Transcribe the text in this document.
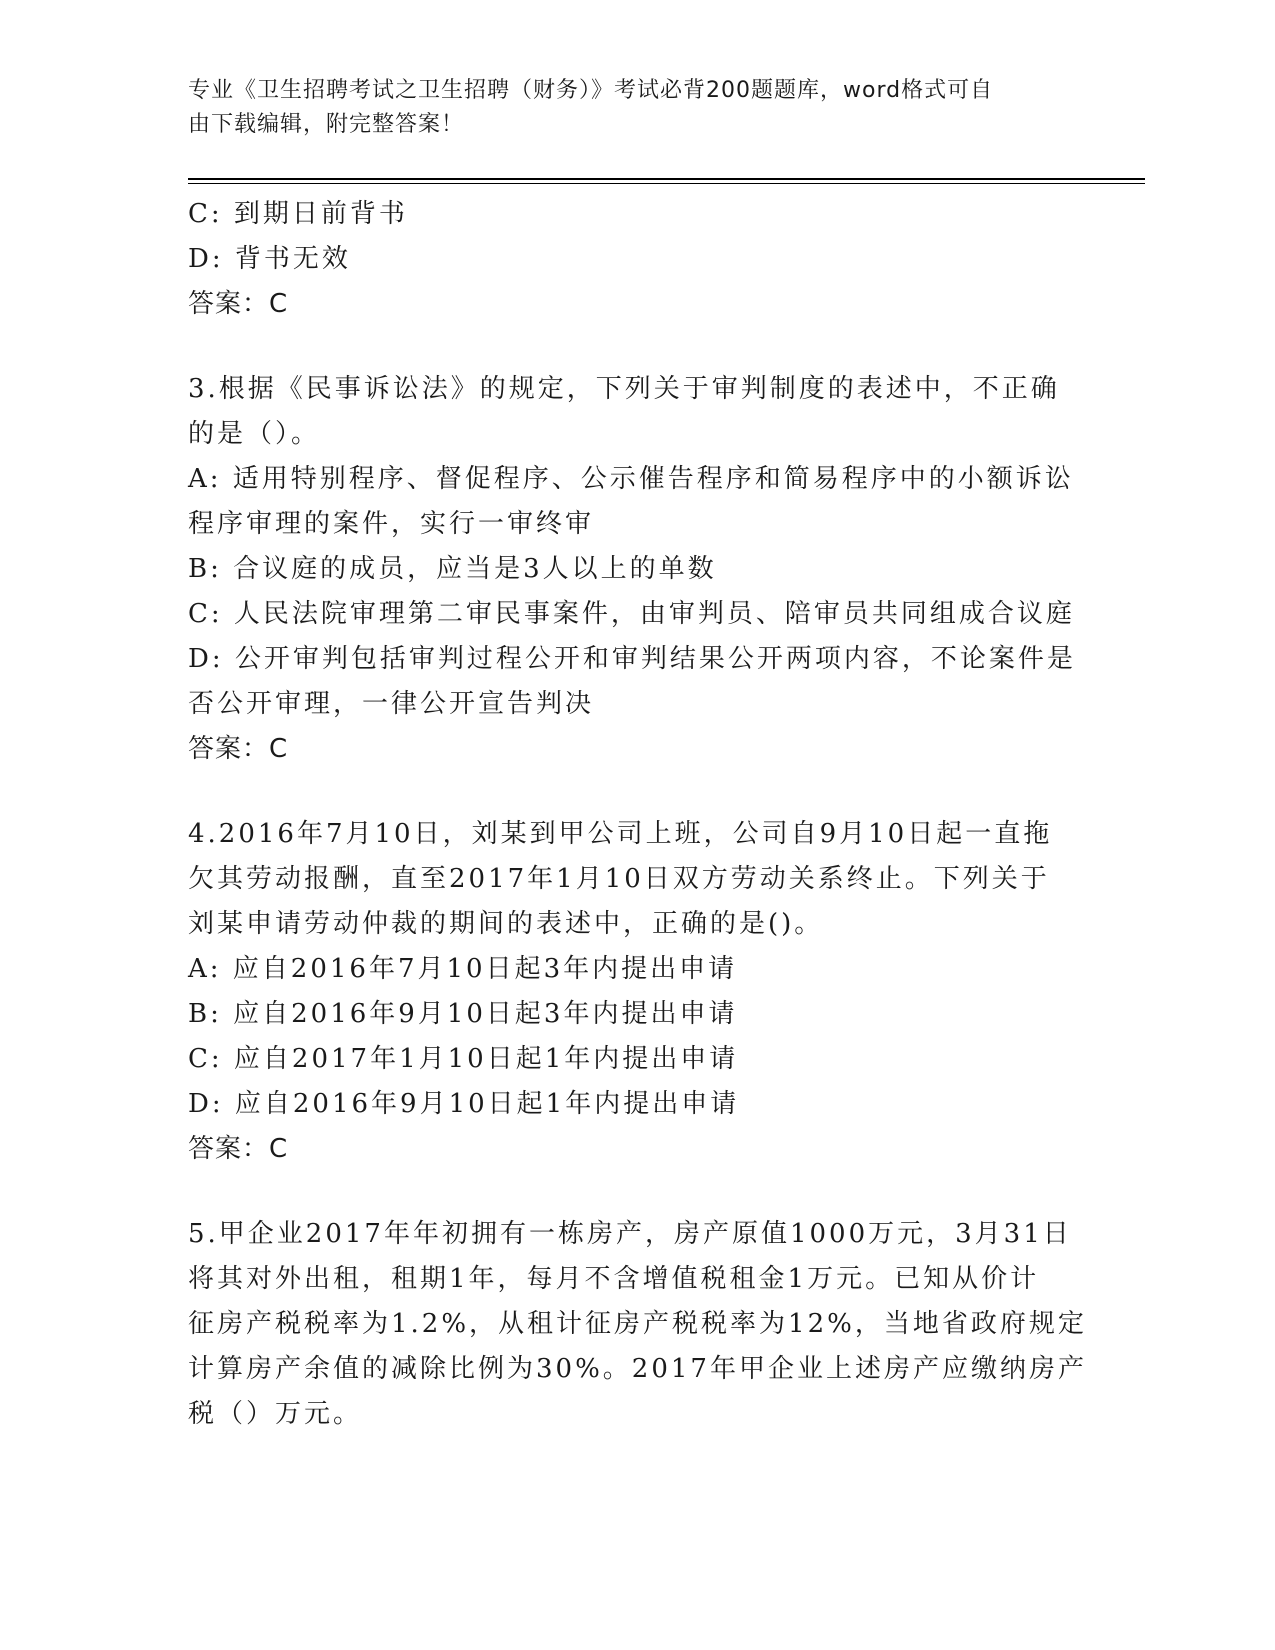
专业《卫生招聘考试之卫生招聘（财务）》考试必背200题题库，word格式可自
由下载编辑，附完整答案！
C: 到期日前背书
D: 背书无效
答案：C
3.根据《民事诉讼法》的规定，下列关于审判制度的表述中，不正确
的是（）。
A: 适用特别程序、督促程序、公示催告程序和简易程序中的小额诉讼
程序审理的案件，实行一审终审
B: 合议庭的成员，应当是3人以上的单数
C: 人民法院审理第二审民事案件，由审判员、陪审员共同组成合议庭
D: 公开审判包括审判过程公开和审判结果公开两项内容，不论案件是
否公开审理，一律公开宣告判决
答案：C
4.2016年7月10日，刘某到甲公司上班，公司自9月10日起一直拖
欠其劳动报酬，直至2017年1月10日双方劳动关系终止。下列关于
刘某申请劳动仲裁的期间的表述中，正确的是()。
A: 应自2016年7月10日起3年内提出申请
B: 应自2016年9月10日起3年内提出申请
C: 应自2017年1月10日起1年内提出申请
D: 应自2016年9月10日起1年内提出申请
答案：C
5.甲企业2017年年初拥有一栋房产，房产原值1000万元，3月31日
将其对外出租，租期1年，每月不含增值税租金1万元。已知从价计
征房产税税率为1.2%，从租计征房产税税率为12%，当地省政府规定
计算房产余值的减除比例为30%。2017年甲企业上述房产应缴纳房产
税（）万元。
